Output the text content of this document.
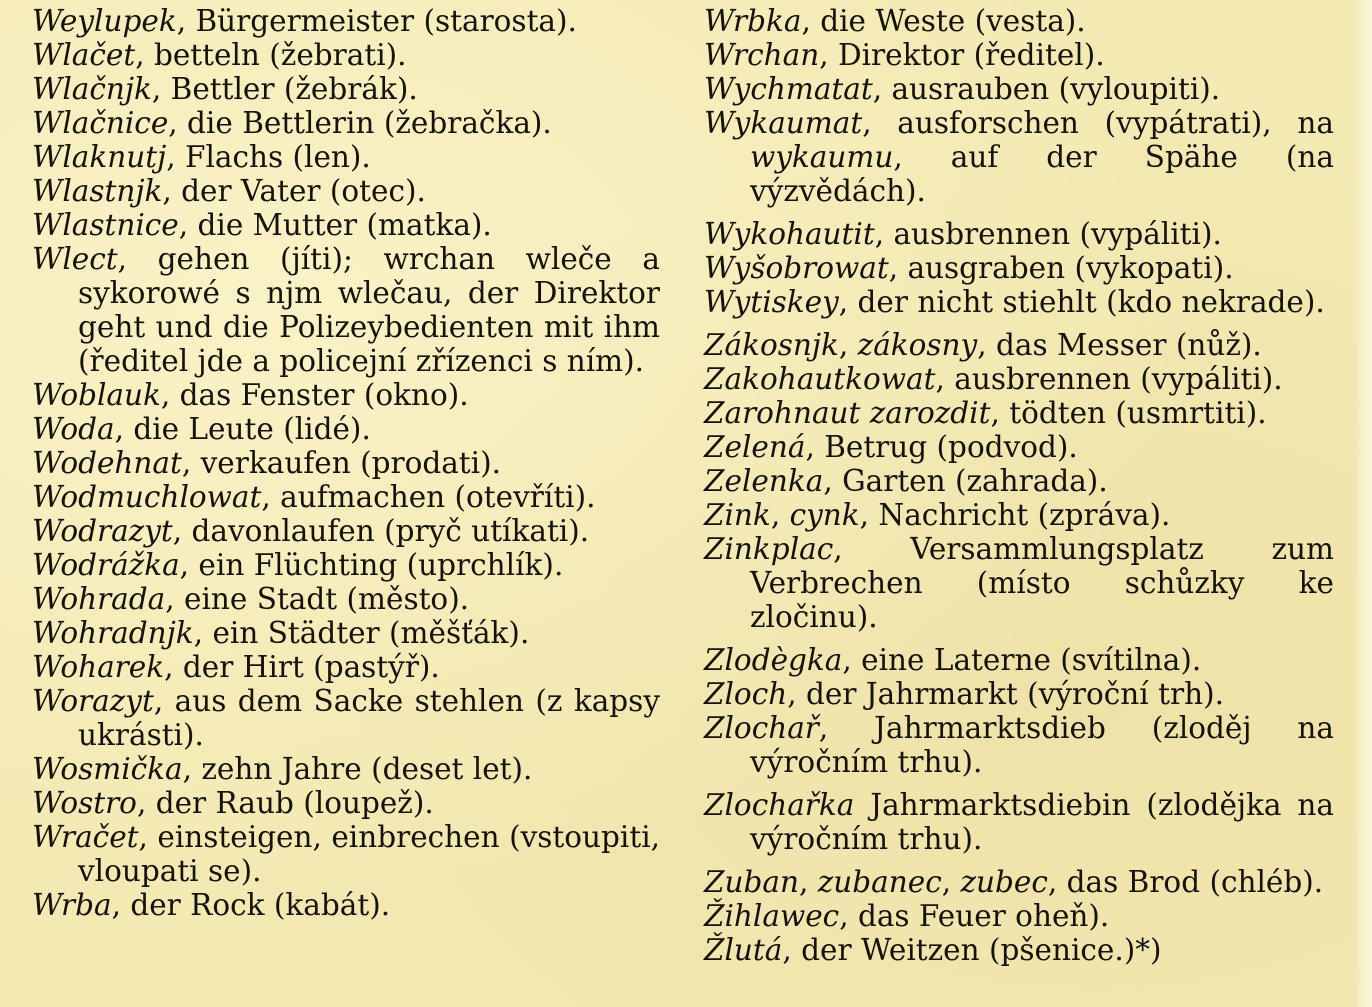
Weylupek, Bürgermeister (starosta).

Wlačet, betteln (žebrati).

Wlačnjk, Bettler (žebrák).

Wlačnice, die Bettlerin (žebračka).

Wlaknutj, Flachs (len).

Wlastnjk, der Vater (otec).

Wlastnice, die Mutter (matka).

Wlect, gehen (jíti); wrchan wleče a sykorowé s njm wlečau, der Direktor geht und die Polizeybedienten mit ihm (ředitel jde a policejní zřízenci s ním).

Woblauk, das Fenster (okno).

Woda, die Leute (lidé).

Wodehnat, verkaufen (prodati).

Wodmuchlowat, aufmachen (otevříti).

Wodrazyt, davonlaufen (pryč utíkati).

Wodrážka, ein Flüchting (uprchlík).

Wohrada, eine Stadt (město).

Wohradnjk, ein Städter (měšťák).

Woharek, der Hirt (pastýř).

Worazyt, aus dem Sacke stehlen (z kapsy ukrásti).

Wosmička, zehn Jahre (deset let).

Wostro, der Raub (loupež).

Wračet, einsteigen, einbrechen (vstoupiti, vloupati se).

Wrba, der Rock (kabát).

Wrbka, die Weste (vesta).

Wrchan, Direktor (ředitel).

Wychmatat, ausrauben (vyloupiti).

Wykaumat, ausforschen (vypátrati), na wykaumu, auf der Spähe (na výzvědách).

Wykohautit, ausbrennen (vypáliti).

Wyšobrowat, ausgraben (vykopati).

Wytiskey, der nicht stiehlt (kdo nekrade).

Zákosnjk, zákosny, das Messer (nůž).

Zakohautkowat, ausbrennen (vypáliti).

Zarohnaut zarozdit, tödten (usmrtiti).

Zelená, Betrug (podvod).

Zelenka, Garten (zahrada).

Zink, cynk, Nachricht (zpráva).

Zinkplac, Versammlungsplatz zum Verbrechen (místo schůzky ke zločinu).

Zlodègka, eine Laterne (svítilna).

Zloch, der Jahrmarkt (výroční trh).

Zlochař, Jahrmarktsdieb (zloděj na výročním trhu).

Zlochařka Jahrmarktsdiebin (zlodějka na výročním trhu).

Zuban, zubanec, zubec, das Brod (chléb).

Žihlawec, das Feuer oheň).

Žlutá, der Weitzen (pšenice.)*)
